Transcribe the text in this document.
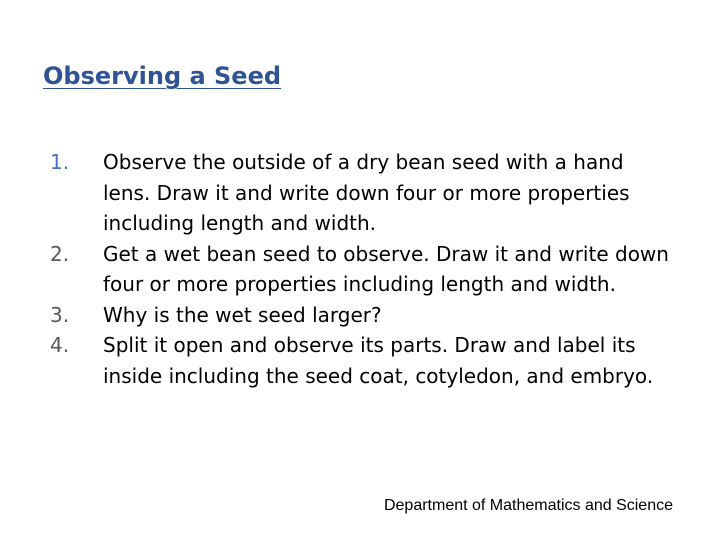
Observing a Seed
1.	Observe the outside of a dry bean seed with a hand lens. Draw it and write down four or more properties including length and width.
2.	Get a wet bean seed to observe. Draw it and write down four or more properties including length and width.
3.	Why is the wet seed larger?
4.	Split it open and observe its parts. Draw and label its inside including the seed coat, cotyledon, and embryo.

Department of Mathematics and Science
